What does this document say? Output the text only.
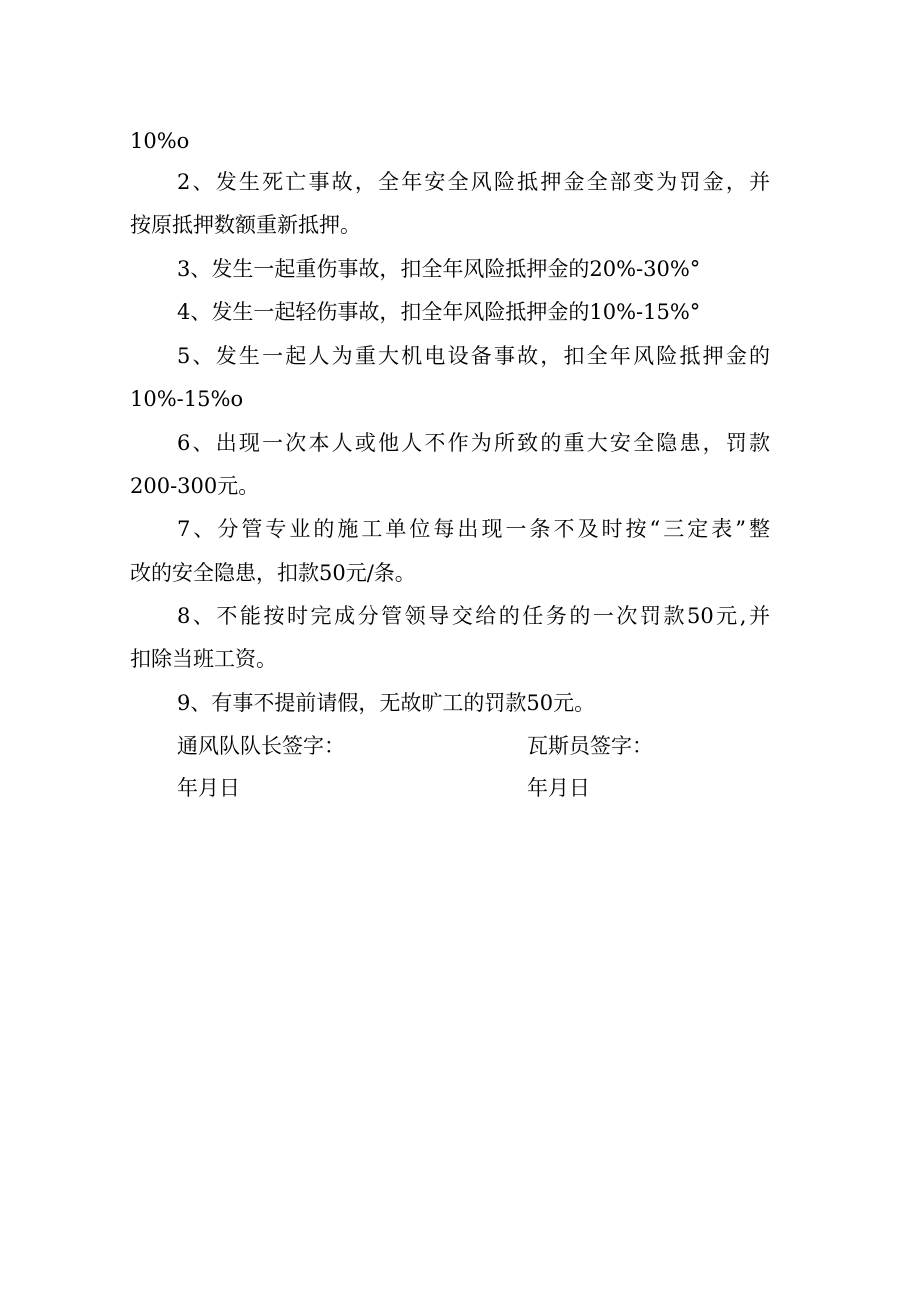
10%o
2、发生死亡事故，全年安全风险抵押金全部变为罚金，并
按原抵押数额重新抵押。
3、发生一起重伤事故，扣全年风险抵押金的20%-30%°
4、发生一起轻伤事故，扣全年风险抵押金的10%-15%°
5、发生一起人为重大机电设备事故，扣全年风险抵押金的
10%-15%o
6、出现一次本人或他人不作为所致的重大安全隐患，罚款
200-300元。
7、分管专业的施工单位每出现一条不及时按“三定表”整
改的安全隐患，扣款50元/条。
8、不能按时完成分管领导交给的任务的一次罚款50元,并
扣除当班工资。
9、有事不提前请假，无故旷工的罚款50元。
通风队队长签字：	瓦斯员签字：
年月日	年月日
